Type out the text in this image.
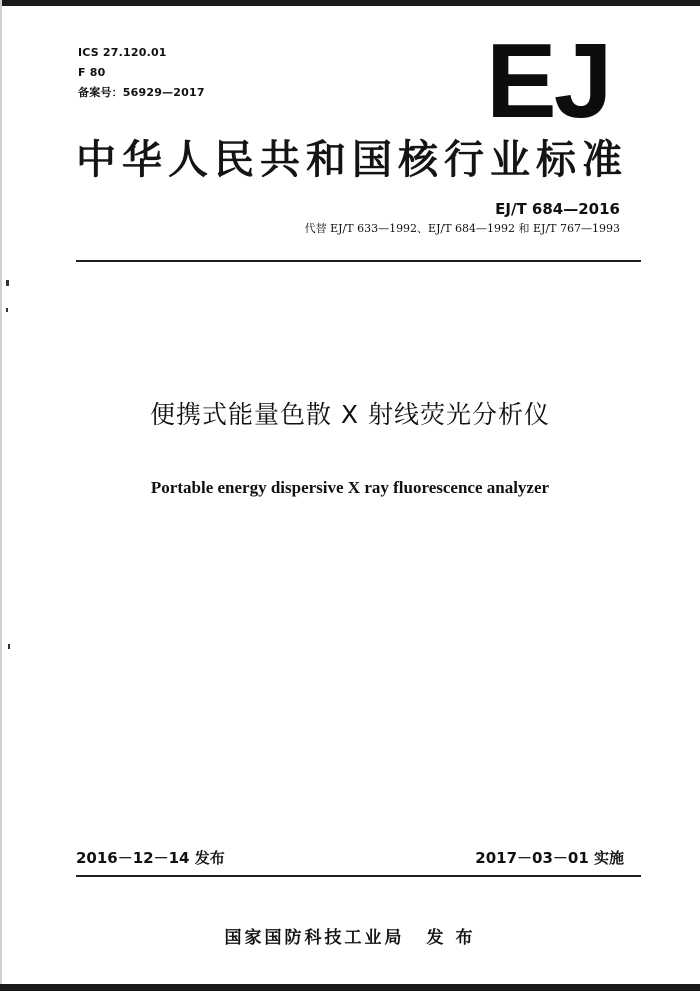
ICS 27.120.01
F 80
备案号：56929—2017	EJ
中华人民共和国核行业标准
EJ/T 684—2016
代替 EJ/T 633—1992、EJ/T 684—1992 和 EJ/T 767—1993
便携式能量色散 X 射线荧光分析仪
Portable energy dispersive X ray fluorescence analyzer
2016－12－14 发布	2017－03－01 实施
国家国防科技工业局 发 布
